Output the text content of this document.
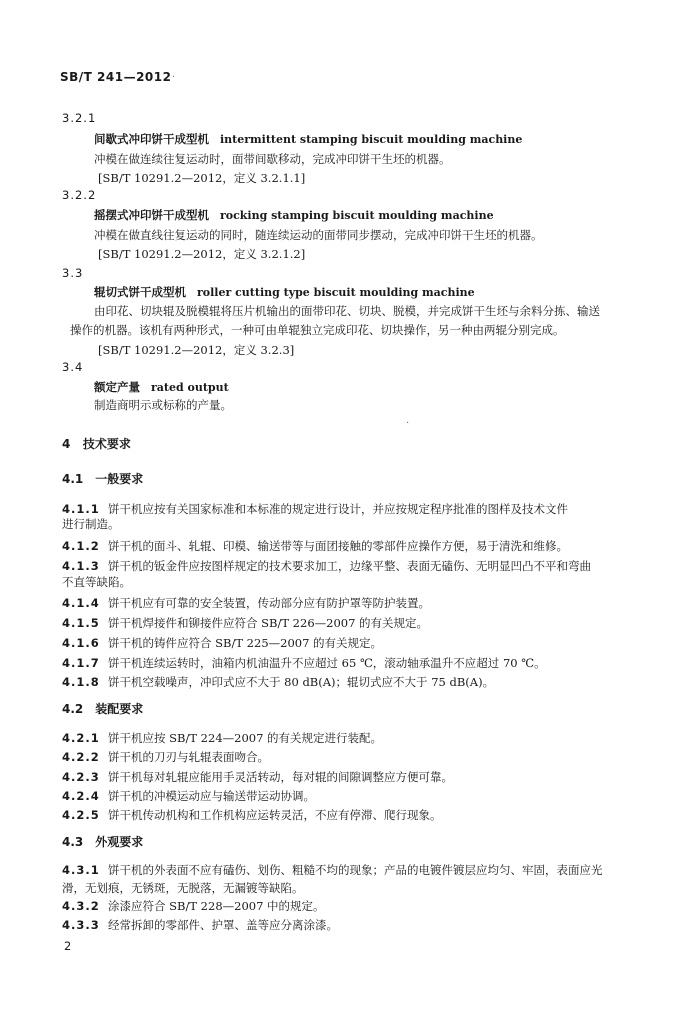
SB/T 241—2012 ·
3.2.1
间歇式冲印饼干成型机 intermittent stamping biscuit moulding machine
冲模在做连续往复运动时，面带间歇移动，完成冲印饼干生坯的机器。
[SB/T 10291.2—2012，定义 3.2.1.1]
3.2.2
摇摆式冲印饼干成型机 rocking stamping biscuit moulding machine
冲模在做直线往复运动的同时，随连续运动的面带同步摆动，完成冲印饼干生坯的机器。
[SB/T 10291.2—2012，定义 3.2.1.2]
3.3
辊切式饼干成型机 roller cutting type biscuit moulding machine
由印花、切块辊及脱模辊将压片机输出的面带印花、切块、脱模，并完成饼干生坯与余料分拣、输送
操作的机器。该机有两种形式，一种可由单辊独立完成印花、切块操作，另一种由两辊分别完成。
[SB/T 10291.2—2012，定义 3.2.3]
3.4
额定产量 rated output
制造商明示或标称的产量。
4 技术要求
·
4.1　一般要求
4.1.1 饼干机应按有关国家标准和本标准的规定进行设计，并应按规定程序批准的图样及技术文件
进行制造。
4.1.2 饼干机的面斗、轧辊、印模、输送带等与面团接触的零部件应操作方便，易于清洗和维修。
4.1.3 饼干机的钣金件应按图样规定的技术要求加工，边缘平整、表面无磕伤、无明显凹凸不平和弯曲
不直等缺陷。
4.1.4 饼干机应有可靠的安全装置，传动部分应有防护罩等防护装置。
4.1.5 饼干机焊接件和铆接件应符合 SB/T 226—2007 的有关规定。
4.1.6 饼干机的铸件应符合 SB/T 225—2007 的有关规定。
4.1.7 饼干机连续运转时，油箱内机油温升不应超过 65 ℃，滚动轴承温升不应超过 70 ℃。
4.1.8 饼干机空载噪声，冲印式应不大于 80 dB(A)；辊切式应不大于 75 dB(A)。
4.2　装配要求
4.2.1 饼干机应按 SB/T 224—2007 的有关规定进行装配。
4.2.2 饼干机的刀刃与轧辊表面吻合。
4.2.3 饼干机每对轧辊应能用手灵活转动，每对辊的间隙调整应方便可靠。
4.2.4 饼干机的冲模运动应与输送带运动协调。
4.2.5 饼干机传动机构和工作机构应运转灵活，不应有停滞、爬行现象。
4.3　外观要求
4.3.1 饼干机的外表面不应有磕伤、划伤、粗糙不均的现象；产品的电镀件镀层应均匀、牢固，表面应光
滑，无划痕，无锈斑，无脱落，无漏镀等缺陷。
4.3.2 涂漆应符合 SB/T 228—2007 中的规定。
4.3.3 经常拆卸的零部件、护罩、盖等应分离涂漆。
2
